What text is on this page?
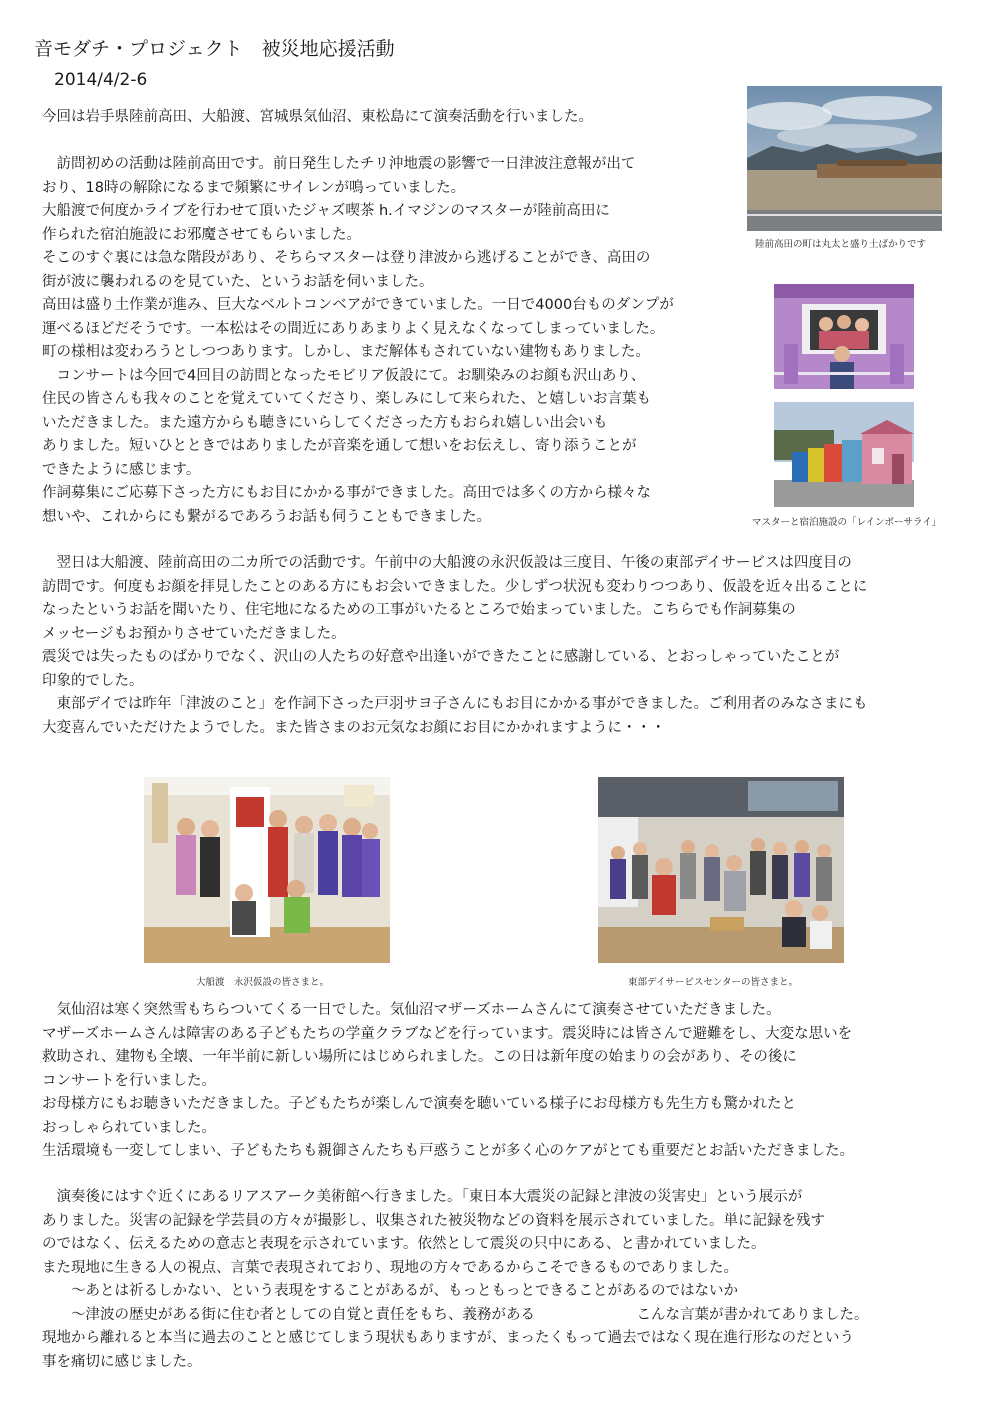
音モダチ・プロジェクト　被災地応援活動
2014/4/2-6
今回は岩手県陸前高田、大船渡、宮城県気仙沼、東松島にて演奏活動を行いました。
　訪問初めの活動は陸前高田です。前日発生したチリ沖地震の影響で一日津波注意報が出て
おり、18時の解除になるまで頻繁にサイレンが鳴っていました。
大船渡で何度かライブを行わせて頂いたジャズ喫茶 h.イマジンのマスターが陸前高田に
作られた宿泊施設にお邪魔させてもらいました。
そこのすぐ裏には急な階段があり、そちらマスターは登り津波から逃げることができ、高田の
街が波に襲われるのを見ていた、というお話を伺いました。
高田は盛り土作業が進み、巨大なベルトコンベアができていました。一日で4000台ものダンプが
運べるほどだそうです。一本松はその間近にありあまりよく見えなくなってしまっていました。
町の様相は変わろうとしつつあります。しかし、まだ解体もされていない建物もありました。
　コンサートは今回で4回目の訪問となったモビリア仮設にて。お馴染みのお顔も沢山あり、
住民の皆さんも我々のことを覚えていてくださり、楽しみにして来られた、と嬉しいお言葉も
いただきました。また遠方からも聴きにいらしてくださった方もおられ嬉しい出会いも
ありました。短いひとときではありましたが音楽を通して想いをお伝えし、寄り添うことが
できたように感じます。
作詞募集にご応募下さった方にもお目にかかる事ができました。高田では多くの方から様々な
想いや、これからにも繋がるであろうお話も伺うこともできました。
　翌日は大船渡、陸前高田の二カ所での活動です。午前中の大船渡の永沢仮設は三度目、午後の東部デイサービスは四度目の
訪問です。何度もお顔を拝見したことのある方にもお会いできました。少しずつ状況も変わりつつあり、仮設を近々出ることに
なったというお話を聞いたり、住宅地になるための工事がいたるところで始まっていました。こちらでも作詞募集の
メッセージもお預かりさせていただきました。
震災では失ったものばかりでなく、沢山の人たちの好意や出逢いができたことに感謝している、とおっしゃっていたことが
印象的でした。
　東部デイでは昨年「津波のこと」を作詞下さった戸羽サヨ子さんにもお目にかかる事ができました。ご利用者のみなさまにも
大変喜んでいただけたようでした。また皆さまのお元気なお顔にお目にかかれますように・・・
　気仙沼は寒く突然雪もちらついてくる一日でした。気仙沼マザーズホームさんにて演奏させていただきました。
マザーズホームさんは障害のある子どもたちの学童クラブなどを行っています。震災時には皆さんで避難をし、大変な思いを
救助され、建物も全壊、一年半前に新しい場所にはじめられました。この日は新年度の始まりの会があり、その後に
コンサートを行いました。
お母様方にもお聴きいただきました。子どもたちが楽しんで演奏を聴いている様子にお母様方も先生方も驚かれたと
おっしゃられていました。
生活環境も一変してしまい、子どもたちも親御さんたちも戸惑うことが多く心のケアがとても重要だとお話いただきました。
　演奏後にはすぐ近くにあるリアスアーク美術館へ行きました。「東日本大震災の記録と津波の災害史」という展示が
ありました。災害の記録を学芸員の方々が撮影し、収集された被災物などの資料を展示されていました。単に記録を残す
のではなく、伝えるための意志と表現を示されています。依然として震災の只中にある、と書かれていました。
また現地に生きる人の視点、言葉で表現されており、現地の方々であるからこそできるものでありました。
　　～あとは祈るしかない、という表現をすることがあるが、もっともっとできることがあるのではないか
　　～津波の歴史がある街に住む者としての自覚と責任をもち、義務がある　　　　　　　こんな言葉が書かれてありました。
現地から離れると本当に過去のことと感じてしまう現状もありますが、まったくもって過去ではなく現在進行形なのだという
事を痛切に感じました。
陸前高田の町は丸太と盛り土ばかりです
マスターと宿泊施設の「レインボーサライ」
大船渡　永沢仮設の皆さまと。	東部デイサービスセンターの皆さまと。
